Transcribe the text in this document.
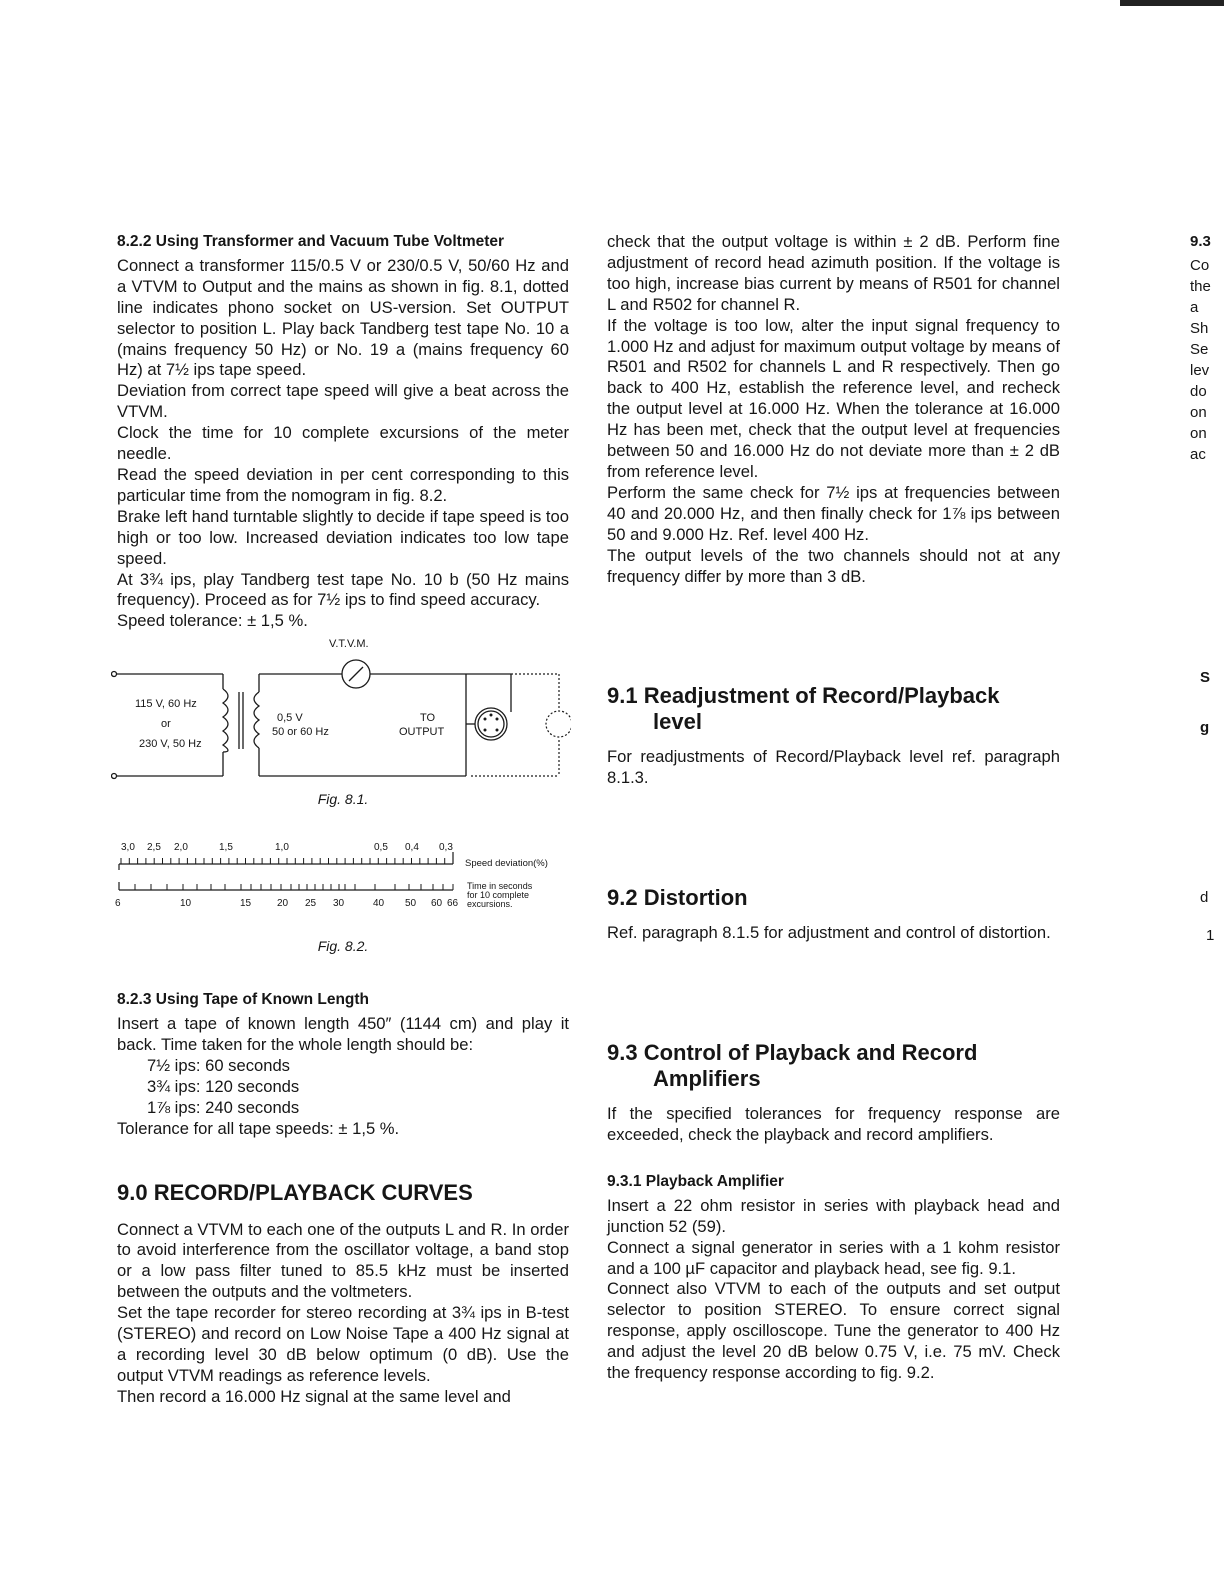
8.2.2 Using Transformer and Vacuum Tube Voltmeter

Connect a transformer 115/0.5 V or 230/0.5 V, 50/60 Hz and a VTVM to Output and the mains as shown in fig. 8.1, dotted line indicates phono socket on US-version. Set OUTPUT selector to position L. Play back Tandberg test tape No. 10 a (mains frequency 50 Hz) or No. 19 a (mains frequency 60 Hz) at 7½ ips tape speed.

Deviation from correct tape speed will give a beat across the VTVM.

Clock the time for 10 complete excursions of the meter needle.

Read the speed deviation in per cent corresponding to this particular time from the nomogram in fig. 8.2.

Brake left hand turntable slightly to decide if tape speed is too high or too low. Increased deviation indicates too low tape speed.

At 3¾ ips, play Tandberg test tape No. 10 b (50 Hz mains frequency). Proceed as for 7½ ips to find speed accuracy.

Speed tolerance: ± 1,5 %.

V.T.V.M.
115 V, 60 Hz
or
230 V, 50 Hz
0,5 V
50 or 60 Hz
TO
OUTPUT

Fig. 8.1.

3,0 2,5 2,0	1,5	1,0	0,5 0,4 0,3
Speed deviation(%)
6	10	15	20 25 30	40 50 60 66
Time in seconds
for 10 complete
excursions.

Fig. 8.2.

8.2.3 Using Tape of Known Length

Insert a tape of known length 450″ (1144 cm) and play it back. Time taken for the whole length should be:

7½ ips: 60 seconds

3¾ ips: 120 seconds

1⅞ ips: 240 seconds

Tolerance for all tape speeds: ± 1,5 %.

9.0 RECORD/PLAYBACK CURVES

Connect a VTVM to each one of the outputs L and R. In order to avoid interference from the oscillator voltage, a band stop or a low pass filter tuned to 85.5 kHz must be inserted between the outputs and the voltmeters.

Set the tape recorder for stereo recording at 3¾ ips in B-test (STEREO) and record on Low Noise Tape a 400 Hz signal at a recording level 30 dB below optimum (0 dB). Use the output VTVM readings as reference levels.

Then record a 16.000 Hz signal at the same level and

check that the output voltage is within ± 2 dB. Perform fine adjustment of record head azimuth position. If the voltage is too high, increase bias current by means of R501 for channel L and R502 for channel R.

If the voltage is too low, alter the input signal frequency to 1.000 Hz and adjust for maximum output voltage by means of R501 and R502 for channels L and R respectively. Then go back to 400 Hz, establish the reference level, and recheck the output level at 16.000 Hz. When the tolerance at 16.000 Hz has been met, check that the output level at frequencies between 50 and 16.000 Hz do not deviate more than ± 2 dB from reference level.

Perform the same check for 7½ ips at frequencies between 40 and 20.000 Hz, and then finally check for 1⅞ ips between 50 and 9.000 Hz. Ref. level 400 Hz.

The output levels of the two channels should not at any frequency differ by more than 3 dB.

9.1 Readjustment of Record/Playback
level

For readjustments of Record/Playback level ref. paragraph 8.1.3.

9.2 Distortion

Ref. paragraph 8.1.5 for adjustment and control of distortion.

9.3 Control of Playback and Record
Amplifiers

If the specified tolerances for frequency response are exceeded, check the playback and record amplifiers.

9.3.1 Playback Amplifier

Insert a 22 ohm resistor in series with playback head and junction 52 (59).

Connect a signal generator in series with a 1 kohm resistor and a 100 µF capacitor and playback head, see fig. 9.1.

Connect also VTVM to each of the outputs and set output selector to position STEREO. To ensure correct signal response, apply oscilloscope. Tune the generator to 400 Hz and adjust the level 20 dB below 0.75 V, i.e. 75 mV. Check the frequency response according to fig. 9.2.

9.3
Co
the
a
Sh
Se
lev
do
on
on
ac
S
g
d
1
